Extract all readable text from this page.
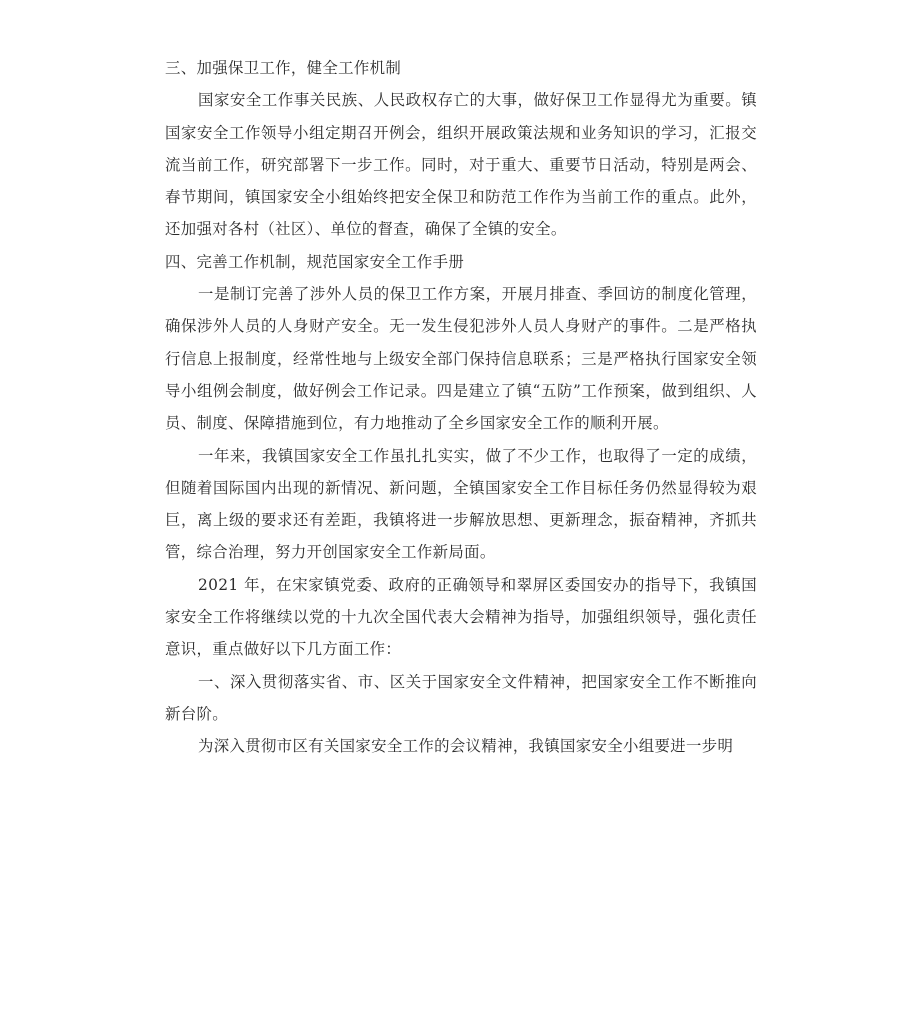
三、加强保卫工作，健全工作机制

国家安全工作事关民族、人民政权存亡的大事，做好保卫工作显得尤为重要。镇国家安全工作领导小组定期召开例会，组织开展政策法规和业务知识的学习，汇报交流当前工作，研究部署下一步工作。同时，对于重大、重要节日活动，特别是两会、春节期间，镇国家安全小组始终把安全保卫和防范工作作为当前工作的重点。此外，还加强对各村（社区）、单位的督查，确保了全镇的安全。

四、完善工作机制，规范国家安全工作手册

一是制订完善了涉外人员的保卫工作方案，开展月排查、季回访的制度化管理，确保涉外人员的人身财产安全。无一发生侵犯涉外人员人身财产的事件。二是严格执行信息上报制度，经常性地与上级安全部门保持信息联系；三是严格执行国家安全领导小组例会制度，做好例会工作记录。四是建立了镇“五防”工作预案，做到组织、人员、制度、保障措施到位，有力地推动了全乡国家安全工作的顺利开展。

一年来，我镇国家安全工作虽扎扎实实，做了不少工作，也取得了一定的成绩，但随着国际国内出现的新情况、新问题，全镇国家安全工作目标任务仍然显得较为艰巨，离上级的要求还有差距，我镇将进一步解放思想、更新理念，振奋精神，齐抓共管，综合治理，努力开创国家安全工作新局面。

2021 年，在宋家镇党委、政府的正确领导和翠屏区委国安办的指导下，我镇国家安全工作将继续以党的十九次全国代表大会精神为指导，加强组织领导，强化责任意识，重点做好以下几方面工作：

一、深入贯彻落实省、市、区关于国家安全文件精神，把国家安全工作不断推向新台阶。

为深入贯彻市区有关国家安全工作的会议精神，我镇国家安全小组要进一步明
